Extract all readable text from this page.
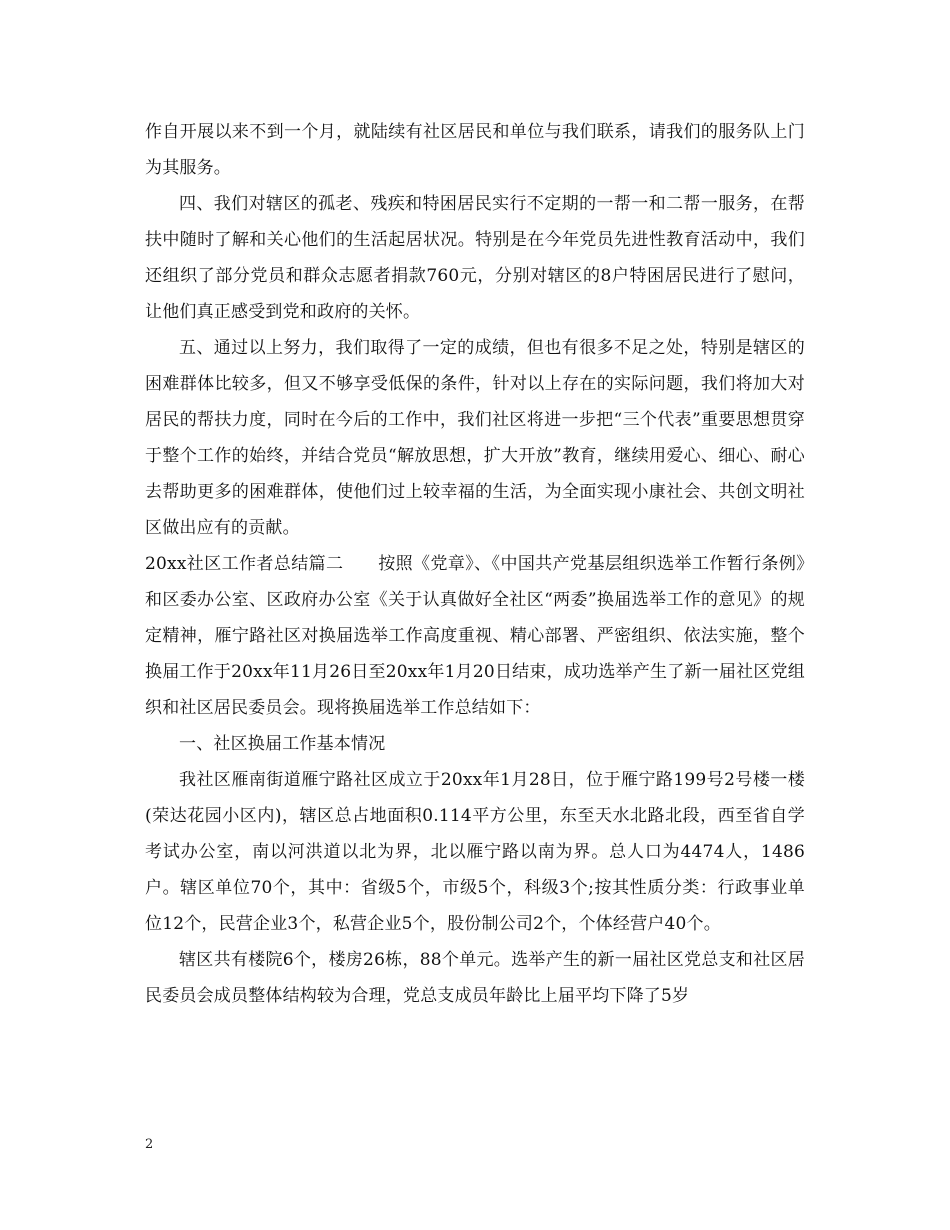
作自开展以来不到一个月，就陆续有社区居民和单位与我们联系，请我们的服务队上门为其服务。

四、我们对辖区的孤老、残疾和特困居民实行不定期的一帮一和二帮一服务，在帮扶中随时了解和关心他们的生活起居状况。特别是在今年党员先进性教育活动中，我们还组织了部分党员和群众志愿者捐款760元，分别对辖区的8户特困居民进行了慰问，让他们真正感受到党和政府的关怀。

五、通过以上努力，我们取得了一定的成绩，但也有很多不足之处，特别是辖区的困难群体比较多，但又不够享受低保的条件，针对以上存在的实际问题，我们将加大对居民的帮扶力度，同时在今后的工作中，我们社区将进一步把“三个代表”重要思想贯穿于整个工作的始终，并结合党员“解放思想，扩大开放”教育，继续用爱心、细心、耐心去帮助更多的困难群体，使他们过上较幸福的生活，为全面实现小康社会、共创文明社区做出应有的贡献。

20xx社区工作者总结篇二　　按照《党章》、《中国共产党基层组织选举工作暂行条例》和区委办公室、区政府办公室《关于认真做好全社区“两委”换届选举工作的意见》的规定精神，雁宁路社区对换届选举工作高度重视、精心部署、严密组织、依法实施，整个换届工作于20xx年11月26日至20xx年1月20日结束，成功选举产生了新一届社区党组织和社区居民委员会。现将换届选举工作总结如下：

一、社区换届工作基本情况

我社区雁南街道雁宁路社区成立于20xx年1月28日，位于雁宁路199号2号楼一楼(荣达花园小区内)，辖区总占地面积0.114平方公里，东至天水北路北段，西至省自学考试办公室，南以河洪道以北为界，北以雁宁路以南为界。总人口为4474人，1486户。辖区单位70个，其中：省级5个，市级5个，科级3个;按其性质分类：行政事业单位12个，民营企业3个，私营企业5个，股份制公司2个，个体经营户40个。

辖区共有楼院6个，楼房26栋，88个单元。选举产生的新一届社区党总支和社区居民委员会成员整体结构较为合理，党总支成员年龄比上届平均下降了5岁

2
